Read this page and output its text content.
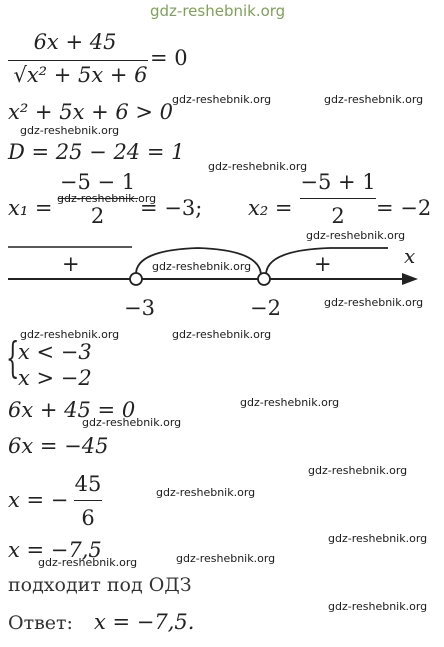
gdz-reshebnik.org
6x + 45
√x² + 5x + 6
= 0
x² + 5x + 6 > 0
gdz-reshebnik.org	gdz-reshebnik.org
gdz-reshebnik.org
D = 25 − 24 = 1
gdz-reshebnik.org
x₁ =
−5 − 1
2	= −3;
gdz-reshebnik.org	x₂ =
−5 + 1
2	= −2
gdz-reshebnik.org
x
+	+
gdz-reshebnik.org
−3	−2	gdz-reshebnik.org
gdz-reshebnik.org	gdz-reshebnik.org
{
x < −3
x > −2
6x + 45 = 0	gdz-reshebnik.org
gdz-reshebnik.org
6x = −45
gdz-reshebnik.org
x = −
45
6
gdz-reshebnik.org
x = −7,5	gdz-reshebnik.org
gdz-reshebnik.org	gdz-reshebnik.org
подходит под ОДЗ
gdz-reshebnik.org
Ответ: x = −7,5.
